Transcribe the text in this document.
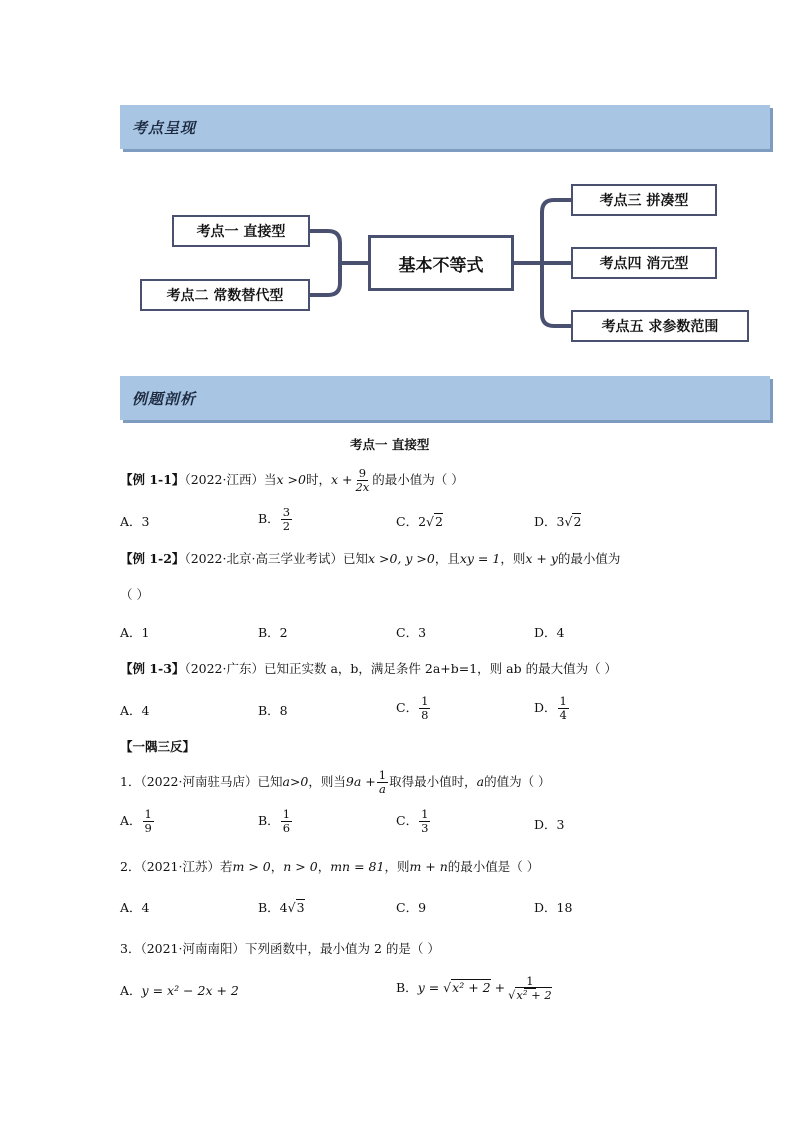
考点呈现
考点一 直接型
考点二 常数替代型
基本不等式
考点三 拼凑型
考点四 消元型
考点五 求参数范围
例题剖析
考点一 直接型
【例 1-1】（2022·江西）当x >0时，$x + \frac{9}{2x}$ 的最小值为（ ）
A．3	B． $\frac{3}{2}$	C．2√2	D．3√2
【例 1-2】（2022·北京·高三学业考试）已知x >0, y >0，且xy = 1，则x + y的最小值为
（ ）
A．1	B．2	C．3	D．4
【例 1-3】（2022·广东）已知正实数 a，b，满足条件 2a+b=1，则 ab 的最大值为（ ）
A．4	B．8	C． $\frac{1}{8}$	D． $\frac{1}{4}$
【一隅三反】
1．（2022·河南驻马店）已知a>0，则当$9a + \frac{1}{a}$ 取得最小值时，a的值为（ ）
A． $\frac{1}{9}$	B． $\frac{1}{6}$	C． $\frac{1}{3}$	D．3
2．（2021·江苏）若m > 0，n > 0，mn = 81，则m + n的最小值是（ ）
A．4	B．4√3	C．9	D．18
3．（2021·河南南阳）下列函数中，最小值为 2 的是（ ）
A．y = x² − 2x + 2	B．$y = √x^2 + 2 + \frac{1}{\text{√x² + 2}}$
